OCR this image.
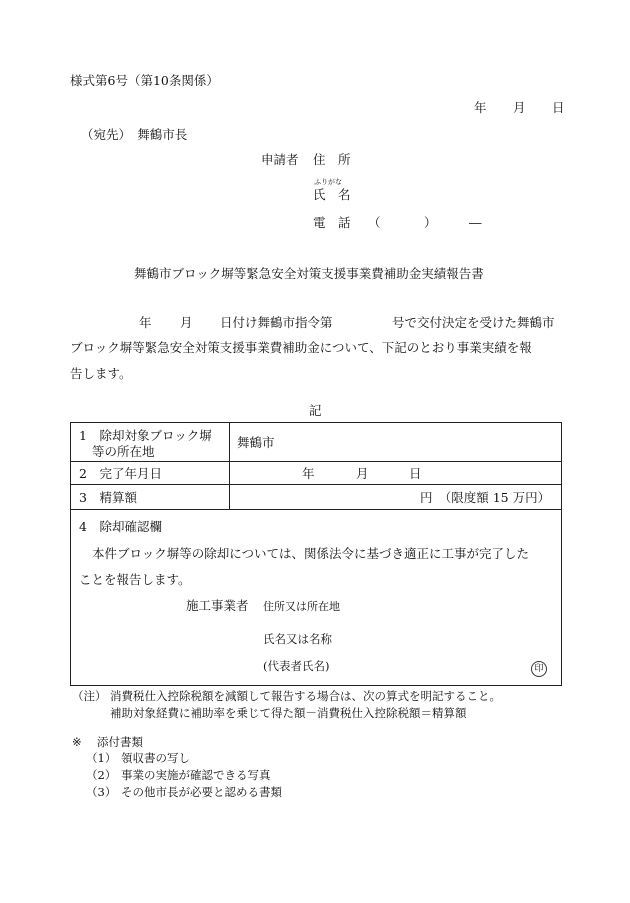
様式第6号（第10条関係）
年 月 日
（宛先）　舞鶴市長
申請者 住　所
ふりがな
氏　名
電　話 （	）	―
舞鶴市ブロック塀等緊急安全対策支援事業費補助金実績報告書
年 月 日付け舞鶴市指令第	号で交付決定を受けた舞鶴市
ブロック塀等緊急安全対策支援事業費補助金について、下記のとおり事業実績を報
告します。
記
1　除却対象ブロック塀
等の所在地
舞鶴市
2　完了年月日	年	月	日
3　精算額	円　（限度額 15 万円）
4　除却確認欄
本件ブロック塀等の除却については、関係法令に基づき適正に工事が完了した
ことを報告します。
施工事業者 住所又は所在地
氏名又は名称
(代表者氏名)	印
（注） 消費税仕入控除税額を減額して報告する場合は、次の算式を明記すること。
補助対象経費に補助率を乗じて得た額－消費税仕入控除税額＝精算額
※ 添付書類
（1） 領収書の写し
（2） 事業の実施が確認できる写真
（3） その他市長が必要と認める書類
